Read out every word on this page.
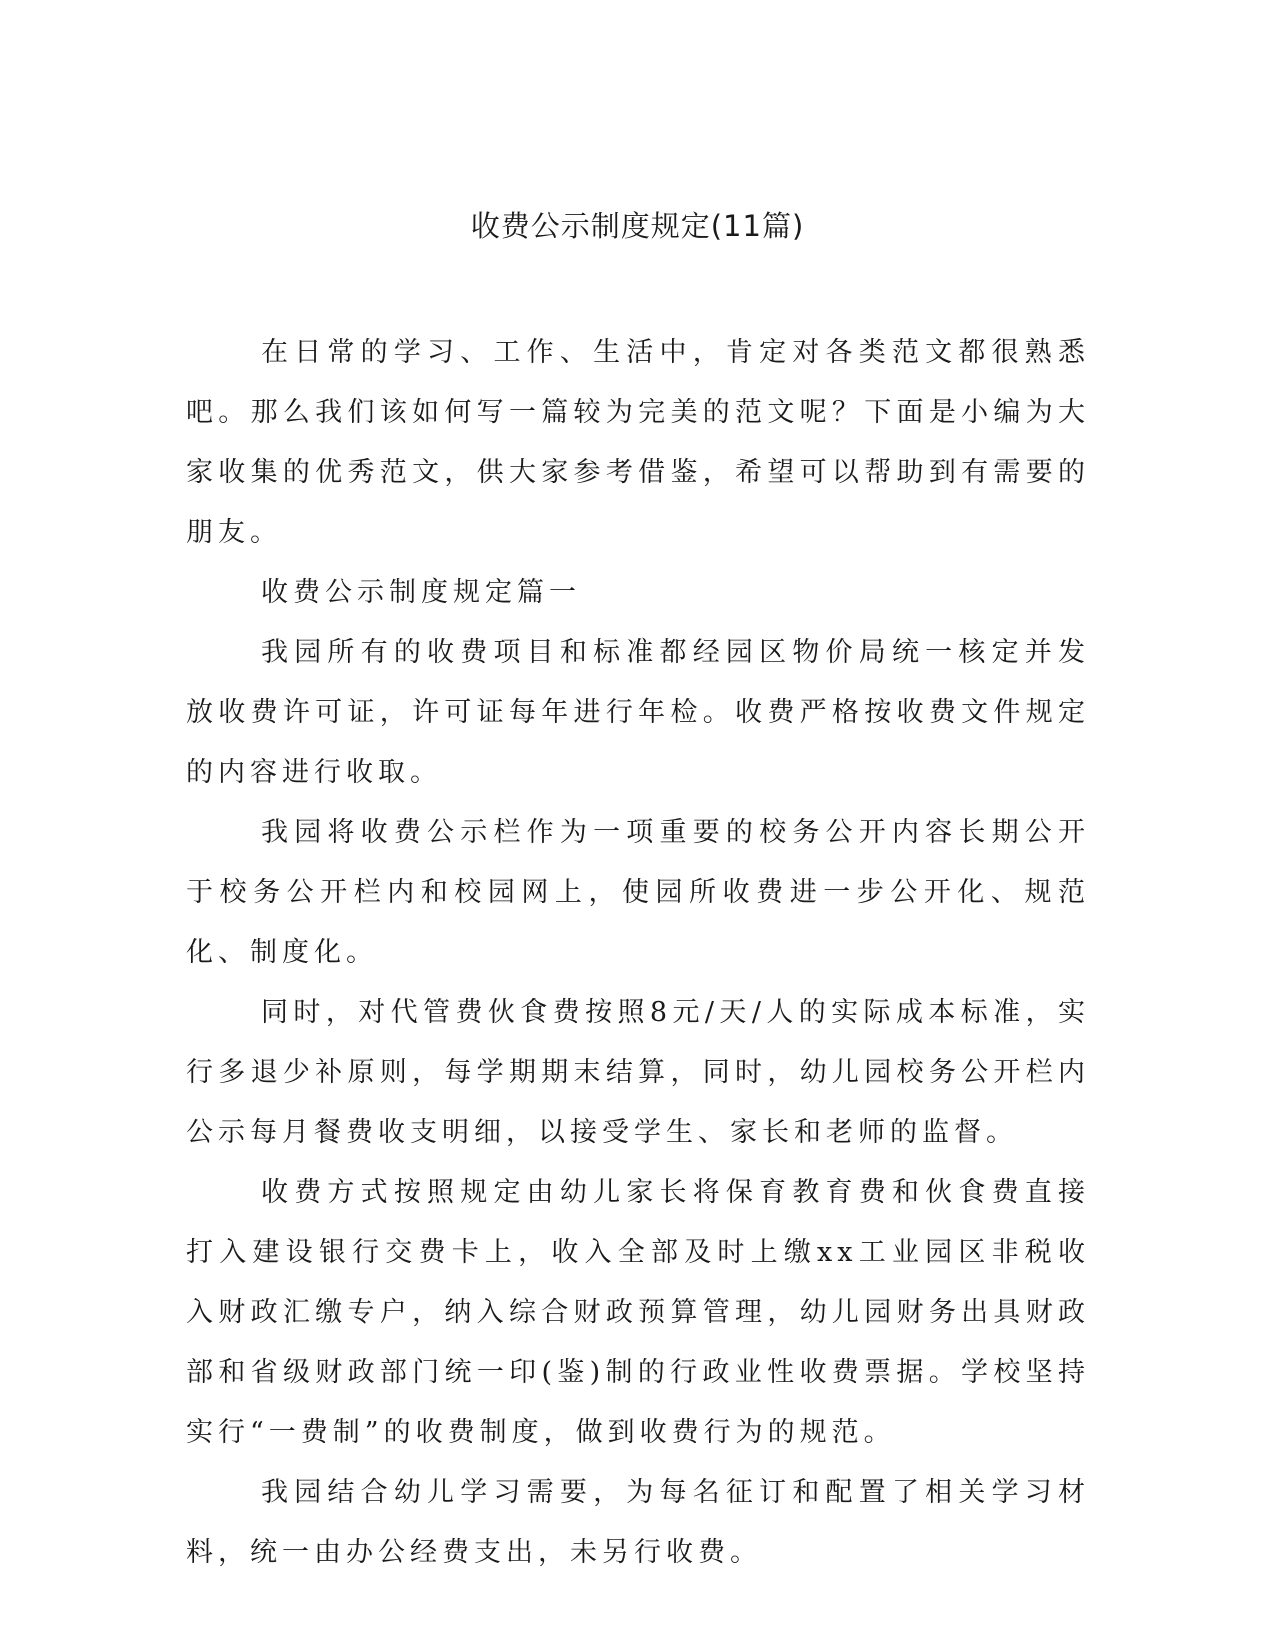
收费公示制度规定(11篇)

在日常的学习、工作、生活中，肯定对各类范文都很熟悉吧。那么我们该如何写一篇较为完美的范文呢？下面是小编为大家收集的优秀范文，供大家参考借鉴，希望可以帮助到有需要的朋友。

收费公示制度规定篇一

我园所有的收费项目和标准都经园区物价局统一核定并发放收费许可证，许可证每年进行年检。收费严格按收费文件规定的内容进行收取。

我园将收费公示栏作为一项重要的校务公开内容长期公开于校务公开栏内和校园网上，使园所收费进一步公开化、规范化、制度化。

同时，对代管费伙食费按照8元/天/人的实际成本标准，实行多退少补原则，每学期期末结算，同时，幼儿园校务公开栏内公示每月餐费收支明细，以接受学生、家长和老师的监督。

收费方式按照规定由幼儿家长将保育教育费和伙食费直接打入建设银行交费卡上，收入全部及时上缴xx工业园区非税收入财政汇缴专户，纳入综合财政预算管理，幼儿园财务出具财政部和省级财政部门统一印(鉴)制的行政业性收费票据。学校坚持实行“一费制”的收费制度，做到收费行为的规范。

我园结合幼儿学习需要，为每名征订和配置了相关学习材料，统一由办公经费支出，未另行收费。
